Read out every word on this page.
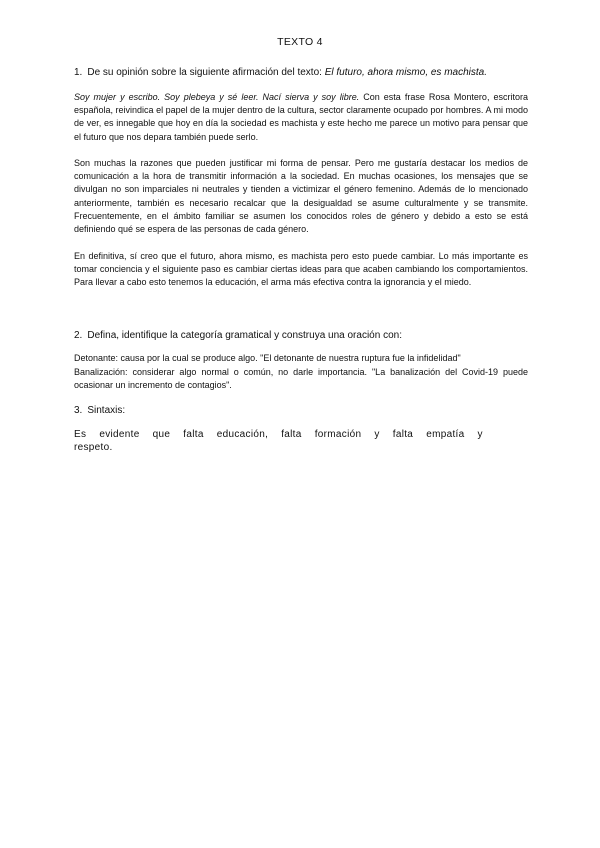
TEXTO 4
1. De su opinión sobre la siguiente afirmación del texto: El futuro, ahora mismo, es machista.

Soy mujer y escribo. Soy plebeya y sé leer. Nací sierva y soy libre. Con esta frase Rosa Montero, escritora española, reivindica el papel de la mujer dentro de la cultura, sector claramente ocupado por hombres. A mi modo de ver, es innegable que hoy en día la sociedad es machista y este hecho me parece un motivo para pensar que el futuro que nos depara también puede serlo.

Son muchas la razones que pueden justificar mi forma de pensar. Pero me gustaría destacar los medios de comunicación a la hora de transmitir información a la sociedad. En muchas ocasiones, los mensajes que se divulgan no son imparciales ni neutrales y tienden a victimizar el género femenino. Además de lo mencionado anteriormente, también es necesario recalcar que la desigualdad se asume culturalmente y se transmite. Frecuentemente, en el ámbito familiar se asumen los conocidos roles de género y debido a esto se está definiendo qué se espera de las personas de cada género.

En definitiva, sí creo que el futuro, ahora mismo, es machista pero esto puede cambiar. Lo más importante es tomar conciencia y el siguiente paso es cambiar ciertas ideas para que acaben cambiando los comportamientos. Para llevar a cabo esto tenemos la educación, el arma más efectiva contra la ignorancia y el miedo.

2. Defina, identifique la categoría gramatical y construya una oración con:

Detonante: causa por la cual se produce algo. "El detonante de nuestra ruptura fue la infidelidad"

Banalización: considerar algo normal o común, no darle importancia. "La banalización del Covid-19 puede ocasionar un incremento de contagios".

3. Sintaxis:

Es evidente que falta educación, falta formación y falta empatía y respeto.
